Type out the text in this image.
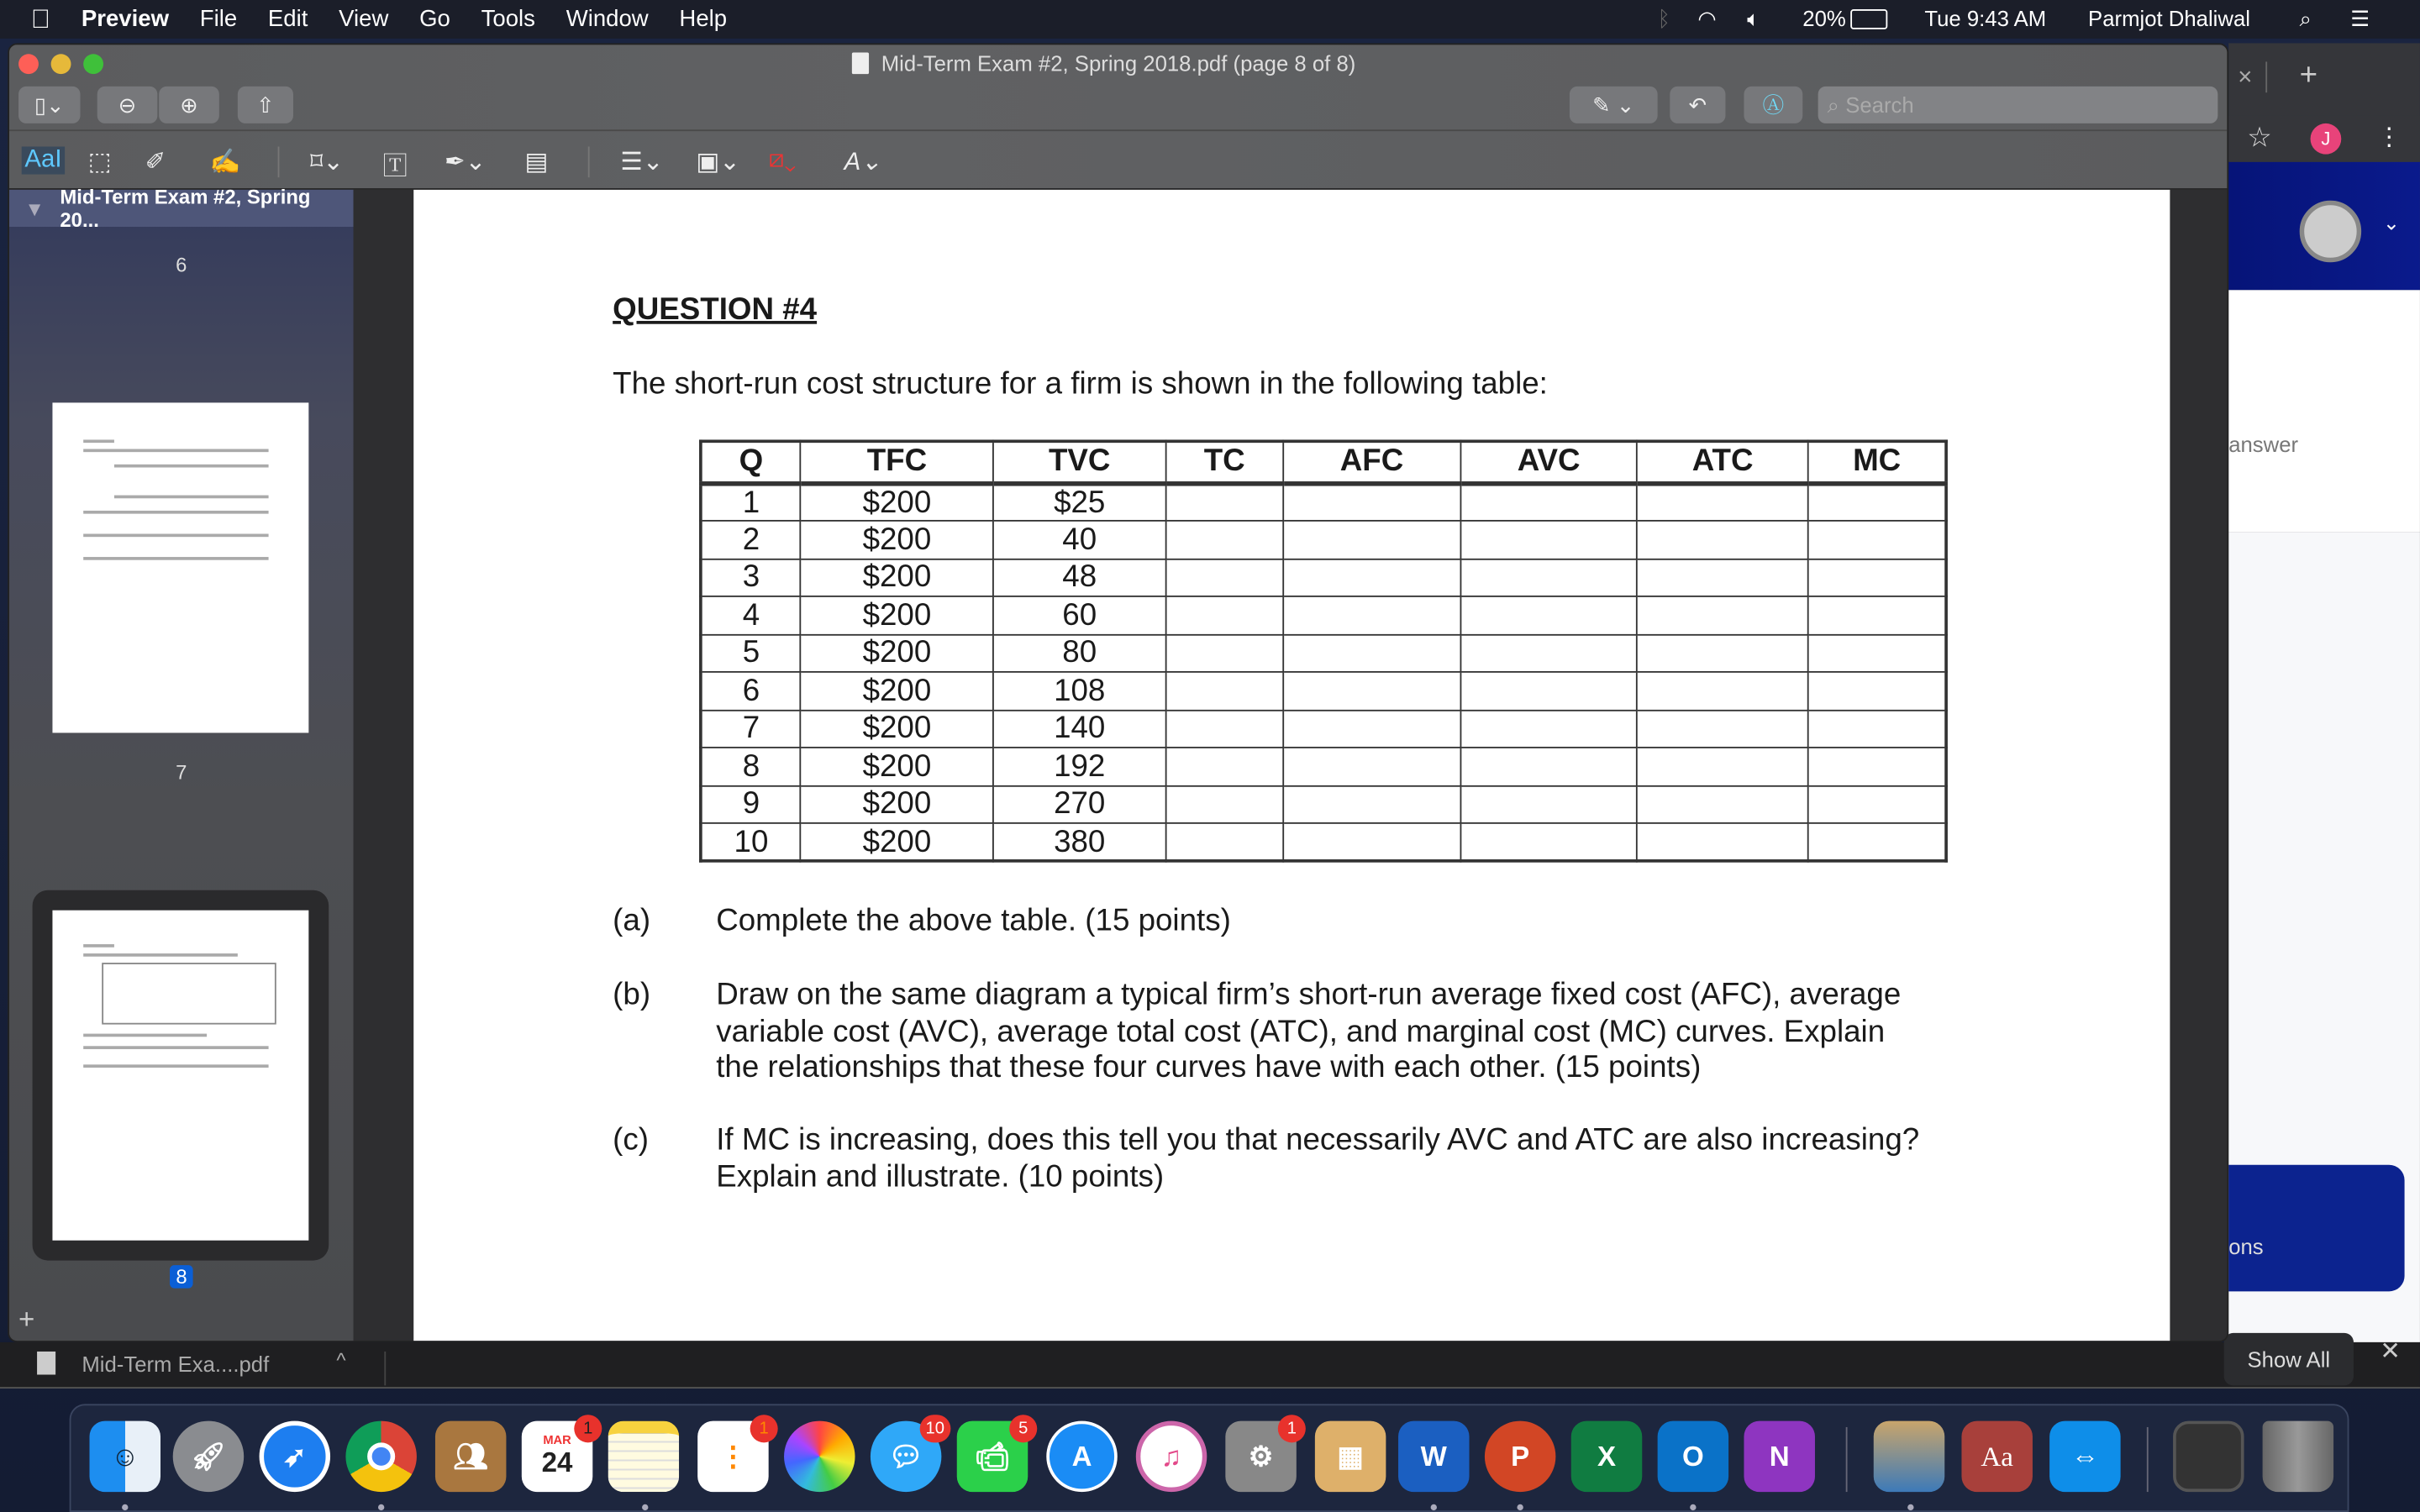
Preview File Edit View Go Tools Window Help	ᛒ ◠	🔈︎	20%	Tue 9:43 AM	Parmjot Dhaliwal	⌕	☰
×	+
☆	J	⋮
⌄
answer
ons
Mid-Term Exa....pdf	^	Show All	✕
Mid-Term Exam #2, Spring 2018.pdf (page 8 of 8)
▯⌄	⊖	⊕	⇧	✎ ⌄	↶	Ⓐ	⌕ Search
AaI ⬚	✐	✍	⌑⌄	🅃	✒⌄	▤	☰⌄ ▣⌄ ⧄⌄	A⌄
▼ Mid-Term Exam #2, Spring 20...
6
7
8
+
QUESTION #4
The short-run cost structure for a firm is shown in the following table:
Q	TFC	TVC	TC	AFC	AVC	ATC	MC
1	$200	$25					
2	$200	40					
3	$200	48					
4	$200	60					
5	$200	80					
6	$200	108					
7	$200	140					
8	$200	192					
9	$200	270					
10	$200	380					
(a)	Complete the above table. (15 points)
(b)	Draw on the same diagram a typical firm’s short-run average fixed cost (AFC), average variable cost (AVC), average total cost (ATC), and marginal cost (MC) curves. Explain the relationships that these four curves have with each other. (15 points)
(c)	If MC is increasing, does this tell you that necessarily AVC and ATC are also increasing? Explain and illustrate. (10 points)
☺	🚀︎	➶	👥︎	MAR
24
1
⋮
1
💬︎
10
📹︎
5
A	♫	⚙
1
▦	W	P	X	O	N	Aa	⇔
